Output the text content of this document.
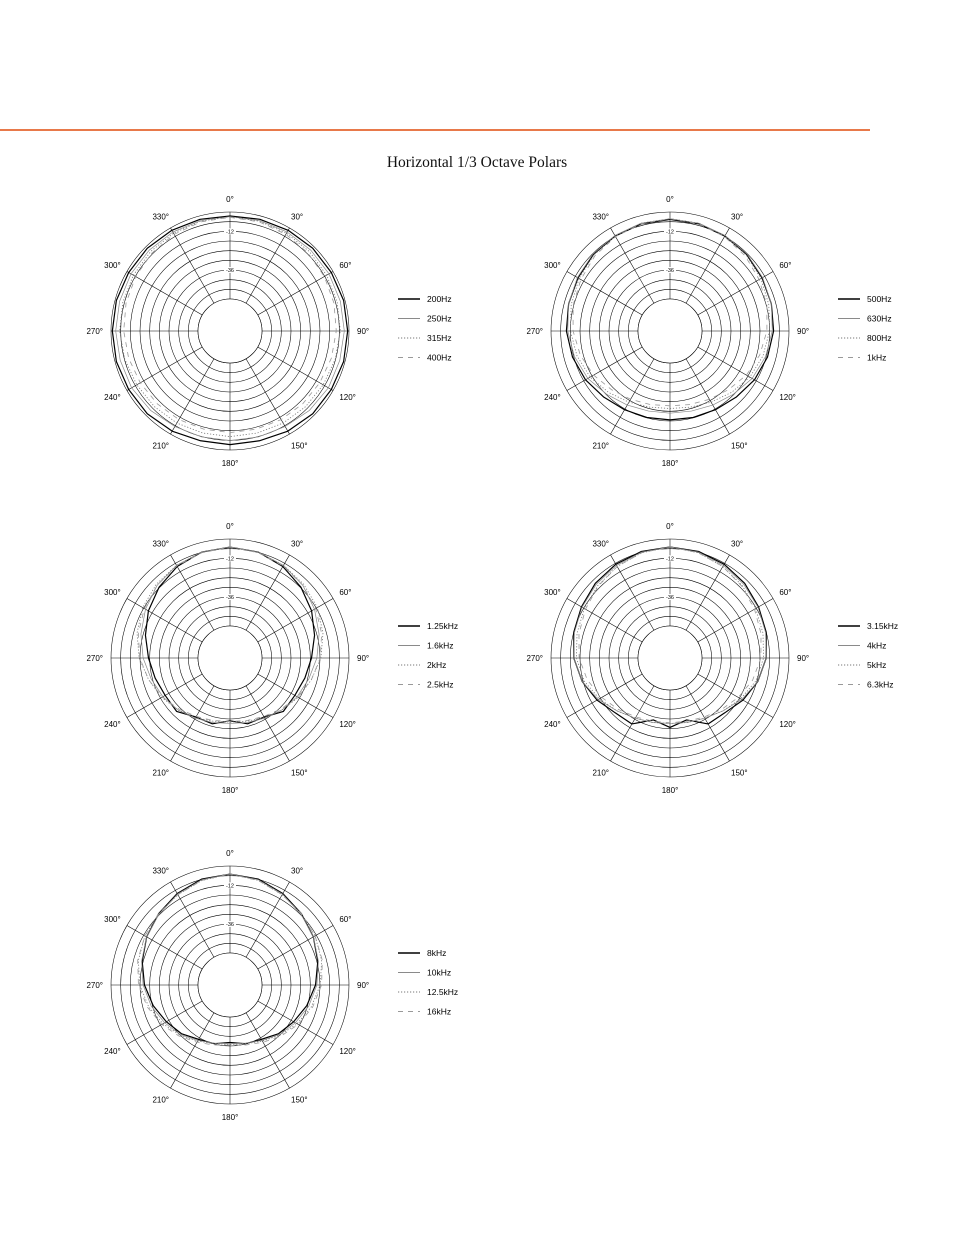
Horizontal 1/3 Octave Polars
-12
-36
0°
30°
60°
90°
120°
150°
180°
210°
240°
270°
300°
330°
200Hz
250Hz
315Hz
400Hz
-12
-36
0°
30°
60°
90°
120°
150°
180°
210°
240°
270°
300°
330°
500Hz
630Hz
800Hz
1kHz
-12
-36
0°
30°
60°
90°
120°
150°
180°
210°
240°
270°
300°
330°
1.25kHz
1.6kHz
2kHz
2.5kHz
-12
-36
0°
30°
60°
90°
120°
150°
180°
210°
240°
270°
300°
330°
3.15kHz
4kHz
5kHz
6.3kHz
-12
-36
0°
30°
60°
90°
120°
150°
180°
210°
240°
270°
300°
330°
8kHz
10kHz
12.5kHz
16kHz
